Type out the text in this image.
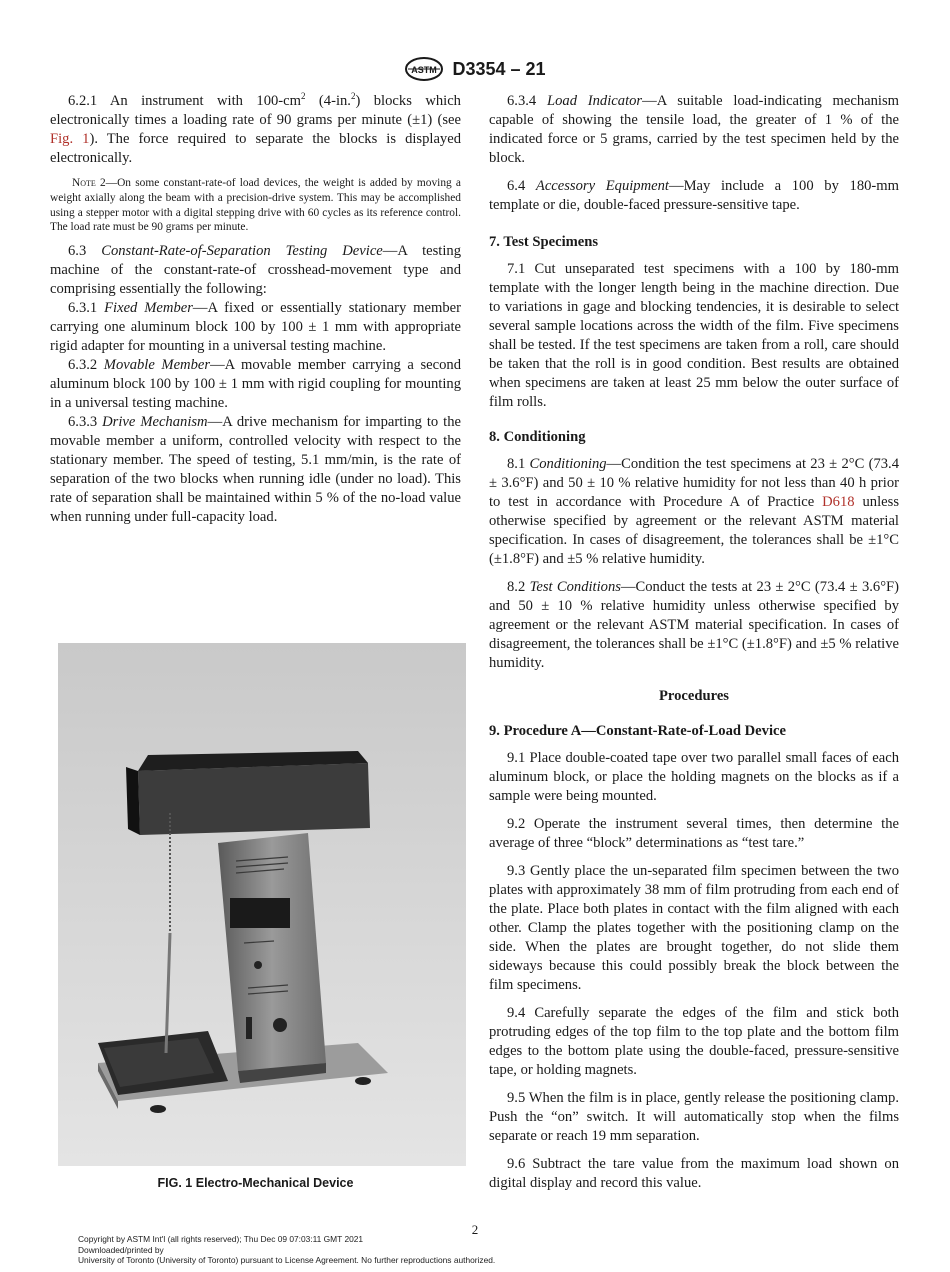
ASTM D3354 – 21

6.2.1 An instrument with $100-cm^2$ (4-in.$^2$) blocks which electronically times a loading rate of 90 grams per minute (±1) (see Fig. 1). The force required to separate the blocks is displayed electronically.

Note 2—On some constant-rate-of load devices, the weight is added by moving a weight axially along the beam with a precision-drive system. This may be accomplished using a stepper motor with a digital stepping drive with 60 cycles as its reference control. The load rate must be 90 grams per minute.

6.3 Constant-Rate-of-Separation Testing Device—A testing machine of the constant-rate-of crosshead-movement type and comprising essentially the following:

6.3.1 Fixed Member—A fixed or essentially stationary member carrying one aluminum block 100 by 100 ± 1 mm with appropriate rigid adapter for mounting in a universal testing machine.

6.3.2 Movable Member—A movable member carrying a second aluminum block 100 by 100 ± 1 mm with rigid coupling for mounting in a universal testing machine.

6.3.3 Drive Mechanism—A drive mechanism for imparting to the movable member a uniform, controlled velocity with respect to the stationary member. The speed of testing, 5.1 mm/min, is the rate of separation of the two blocks when running idle (under no load). This rate of separation shall be maintained within 5 % of the no-load value when running under full-capacity load.

FIG. 1 Electro-Mechanical Device

6.3.4 Load Indicator—A suitable load-indicating mechanism capable of showing the tensile load, the greater of 1 % of the indicated force or 5 grams, carried by the test specimen held by the block.

6.4 Accessory Equipment—May include a 100 by 180-mm template or die, double-faced pressure-sensitive tape.

7. Test Specimens

7.1 Cut unseparated test specimens with a 100 by 180-mm template with the longer length being in the machine direction. Due to variations in gage and blocking tendencies, it is desirable to select several sample locations across the width of the film. Five specimens shall be tested. If the test specimens are taken from a roll, care should be taken that the roll is in good condition. Best results are obtained when specimens are taken at least 25 mm below the outer surface of film rolls.

8. Conditioning

8.1 Conditioning—Condition the test specimens at 23 ± 2°C (73.4 ± 3.6°F) and 50 ± 10 % relative humidity for not less than 40 h prior to test in accordance with Procedure A of Practice D618 unless otherwise specified by agreement or the relevant ASTM material specification. In cases of disagreement, the tolerances shall be ±1°C (±1.8°F) and ±5 % relative humidity.

8.2 Test Conditions—Conduct the tests at 23 ± 2°C (73.4 ± 3.6°F) and 50 ± 10 % relative humidity unless otherwise specified by agreement or the relevant ASTM material specification. In cases of disagreement, the tolerances shall be ±1°C (±1.8°F) and ±5 % relative humidity.

Procedures
9. Procedure A—Constant-Rate-of-Load Device

9.1 Place double-coated tape over two parallel small faces of each aluminum block, or place the holding magnets on the blocks as if a sample were being mounted.

9.2 Operate the instrument several times, then determine the average of three “block” determinations as “test tare.”

9.3 Gently place the un-separated film specimen between the two plates with approximately 38 mm of film protruding from each end of the plate. Place both plates in contact with the film aligned with each other. Clamp the plates together with the positioning clamp on the side. When the plates are brought together, do not slide them sideways because this could possibly break the block between the film specimens.

9.4 Carefully separate the edges of the film and stick both protruding edges of the top film to the top plate and the bottom film edges to the bottom plate using the double-faced, pressure-sensitive tape, or holding magnets.

9.5 When the film is in place, gently release the positioning clamp. Push the “on” switch. It will automatically stop when the films separate or reach 19 mm separation.

9.6 Subtract the tare value from the maximum load shown on digital display and record this value.

2
Copyright by ASTM Int'l (all rights reserved); Thu Dec 09 07:03:11 GMT 2021
Downloaded/printed by
University of Toronto (University of Toronto) pursuant to License Agreement. No further reproductions authorized.
